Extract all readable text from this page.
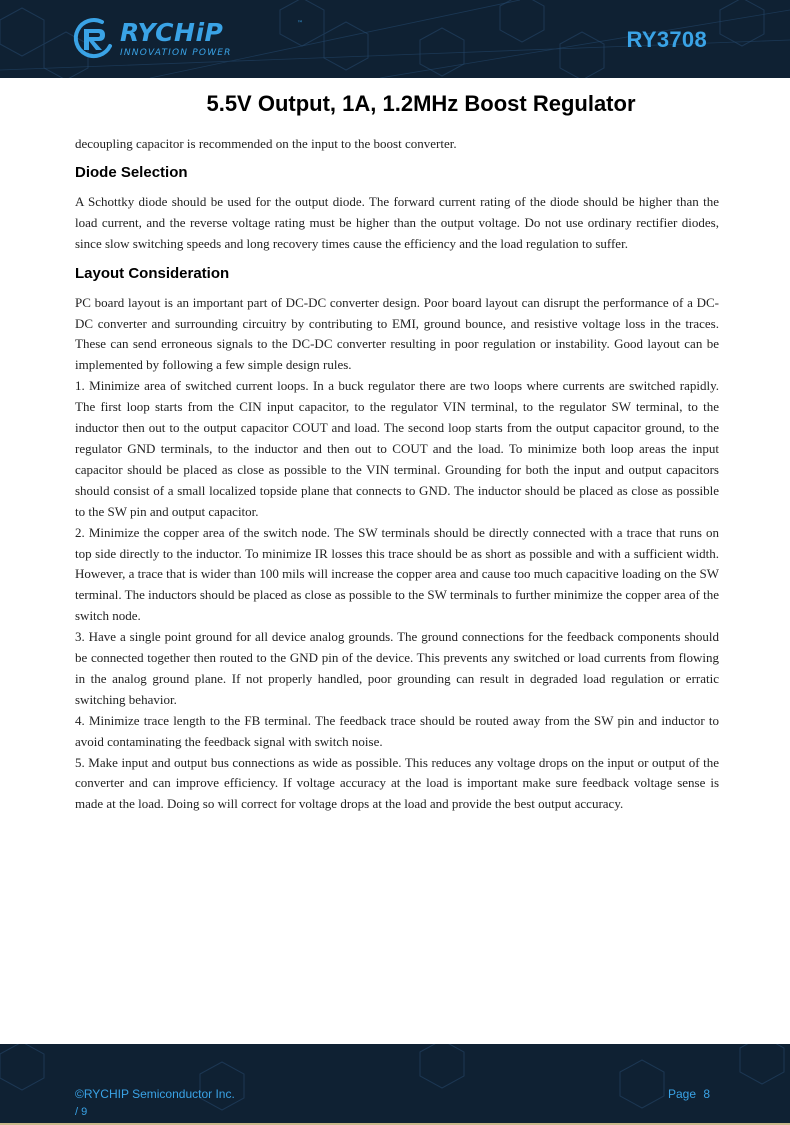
RYCHiP	™
INNOVATION POWER
RY3708
5.5V Output, 1A, 1.2MHz Boost Regulator

decoupling capacitor is recommended on the input to the boost converter.

Diode Selection

A Schottky diode should be used for the output diode. The forward current rating of the diode should be higher than the load current, and the reverse voltage rating must be higher than the output voltage. Do not use ordinary rectifier diodes, since slow switching speeds and long recovery times cause the efficiency and the load regulation to suffer.

Layout Consideration

PC board layout is an important part of DC-DC converter design. Poor board layout can disrupt the performance of a DC-DC converter and surrounding circuitry by contributing to EMI, ground bounce, and resistive voltage loss in the traces. These can send erroneous signals to the DC-DC converter resulting in poor regulation or instability. Good layout can be implemented by following a few simple design rules.

1. Minimize area of switched current loops. In a buck regulator there are two loops where currents are switched rapidly. The first loop starts from the CIN input capacitor, to the regulator VIN terminal, to the regulator SW terminal, to the inductor then out to the output capacitor COUT and load. The second loop starts from the output capacitor ground, to the regulator GND terminals, to the inductor and then out to COUT and the load. To minimize both loop areas the input capacitor should be placed as close as possible to the VIN terminal. Grounding for both the input and output capacitors should consist of a small localized topside plane that connects to GND. The inductor should be placed as close as possible to the SW pin and output capacitor.

2. Minimize the copper area of the switch node. The SW terminals should be directly connected with a trace that runs on top side directly to the inductor. To minimize IR losses this trace should be as short as possible and with a sufficient width. However, a trace that is wider than 100 mils will increase the copper area and cause too much capacitive loading on the SW terminal. The inductors should be placed as close as possible to the SW terminals to further minimize the copper area of the switch node.

3. Have a single point ground for all device analog grounds. The ground connections for the feedback components should be connected together then routed to the GND pin of the device. This prevents any switched or load currents from flowing in the analog ground plane. If not properly handled, poor grounding can result in degraded load regulation or erratic switching behavior.

4. Minimize trace length to the FB terminal. The feedback trace should be routed away from the SW pin and inductor to avoid contaminating the feedback signal with switch noise.

5. Make input and output bus connections as wide as possible. This reduces any voltage drops on the input or output of the converter and can improve efficiency. If voltage accuracy at the load is important make sure feedback voltage sense is made at the load. Doing so will correct for voltage drops at the load and provide the best output accuracy.

©RYCHIP Semiconductor Inc.	Page 8
/ 9
